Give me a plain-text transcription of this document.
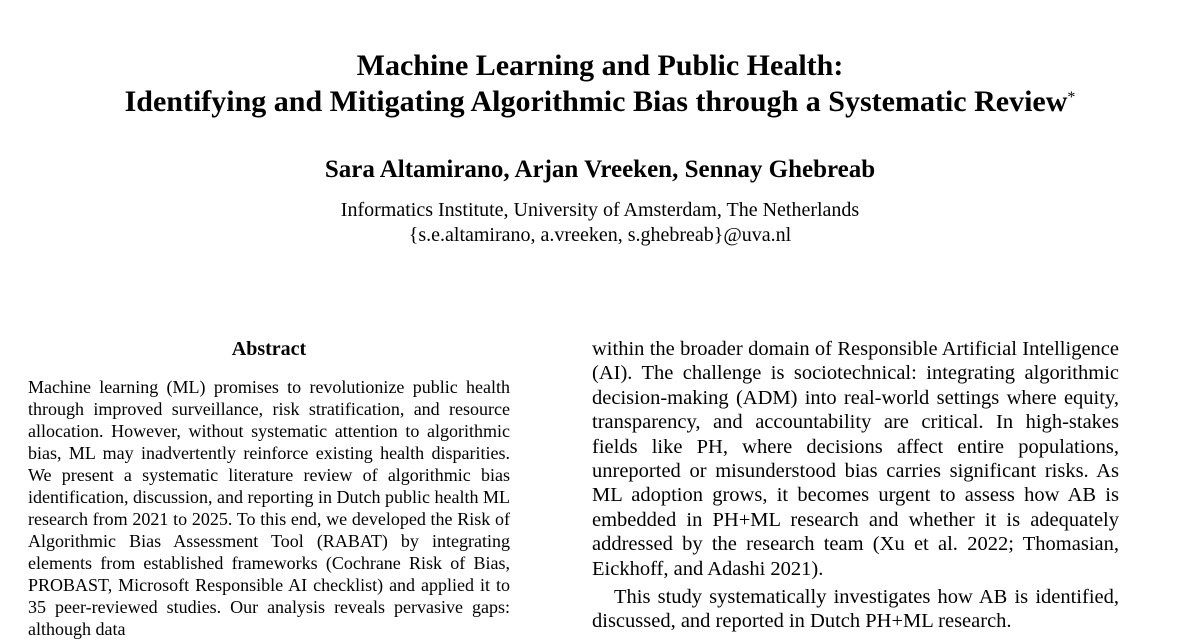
Machine Learning and Public Health:
Identifying and Mitigating Algorithmic Bias through a Systematic Review*
Sara Altamirano, Arjan Vreeken, Sennay Ghebreab
Informatics Institute, University of Amsterdam, The Netherlands
{s.e.altamirano, a.vreeken, s.ghebreab}@uva.nl
Abstract

Machine learning (ML) promises to revolutionize public health through improved surveillance, risk stratification, and resource allocation. However, without systematic attention to algorithmic bias, ML may inadvertently reinforce existing health disparities. We present a systematic literature review of algorithmic bias identification, discussion, and reporting in Dutch public health ML research from 2021 to 2025. To this end, we developed the Risk of Algorithmic Bias Assessment Tool (RABAT) by integrating elements from established frameworks (Cochrane Risk of Bias, PROBAST, Microsoft Responsible AI checklist) and applied it to 35 peer-reviewed studies. Our analysis reveals pervasive gaps: although data

within the broader domain of Responsible Artificial Intelligence (AI). The challenge is sociotechnical: integrating algorithmic decision-making (ADM) into real-world settings where equity, transparency, and accountability are critical. In high-stakes fields like PH, where decisions affect entire populations, unreported or misunderstood bias carries significant risks. As ML adoption grows, it becomes urgent to assess how AB is embedded in PH+ML research and whether it is adequately addressed by the research team (Xu et al. 2022; Thomasian, Eickhoff, and Adashi 2021).

This study systematically investigates how AB is identified, discussed, and reported in Dutch PH+ML research.
